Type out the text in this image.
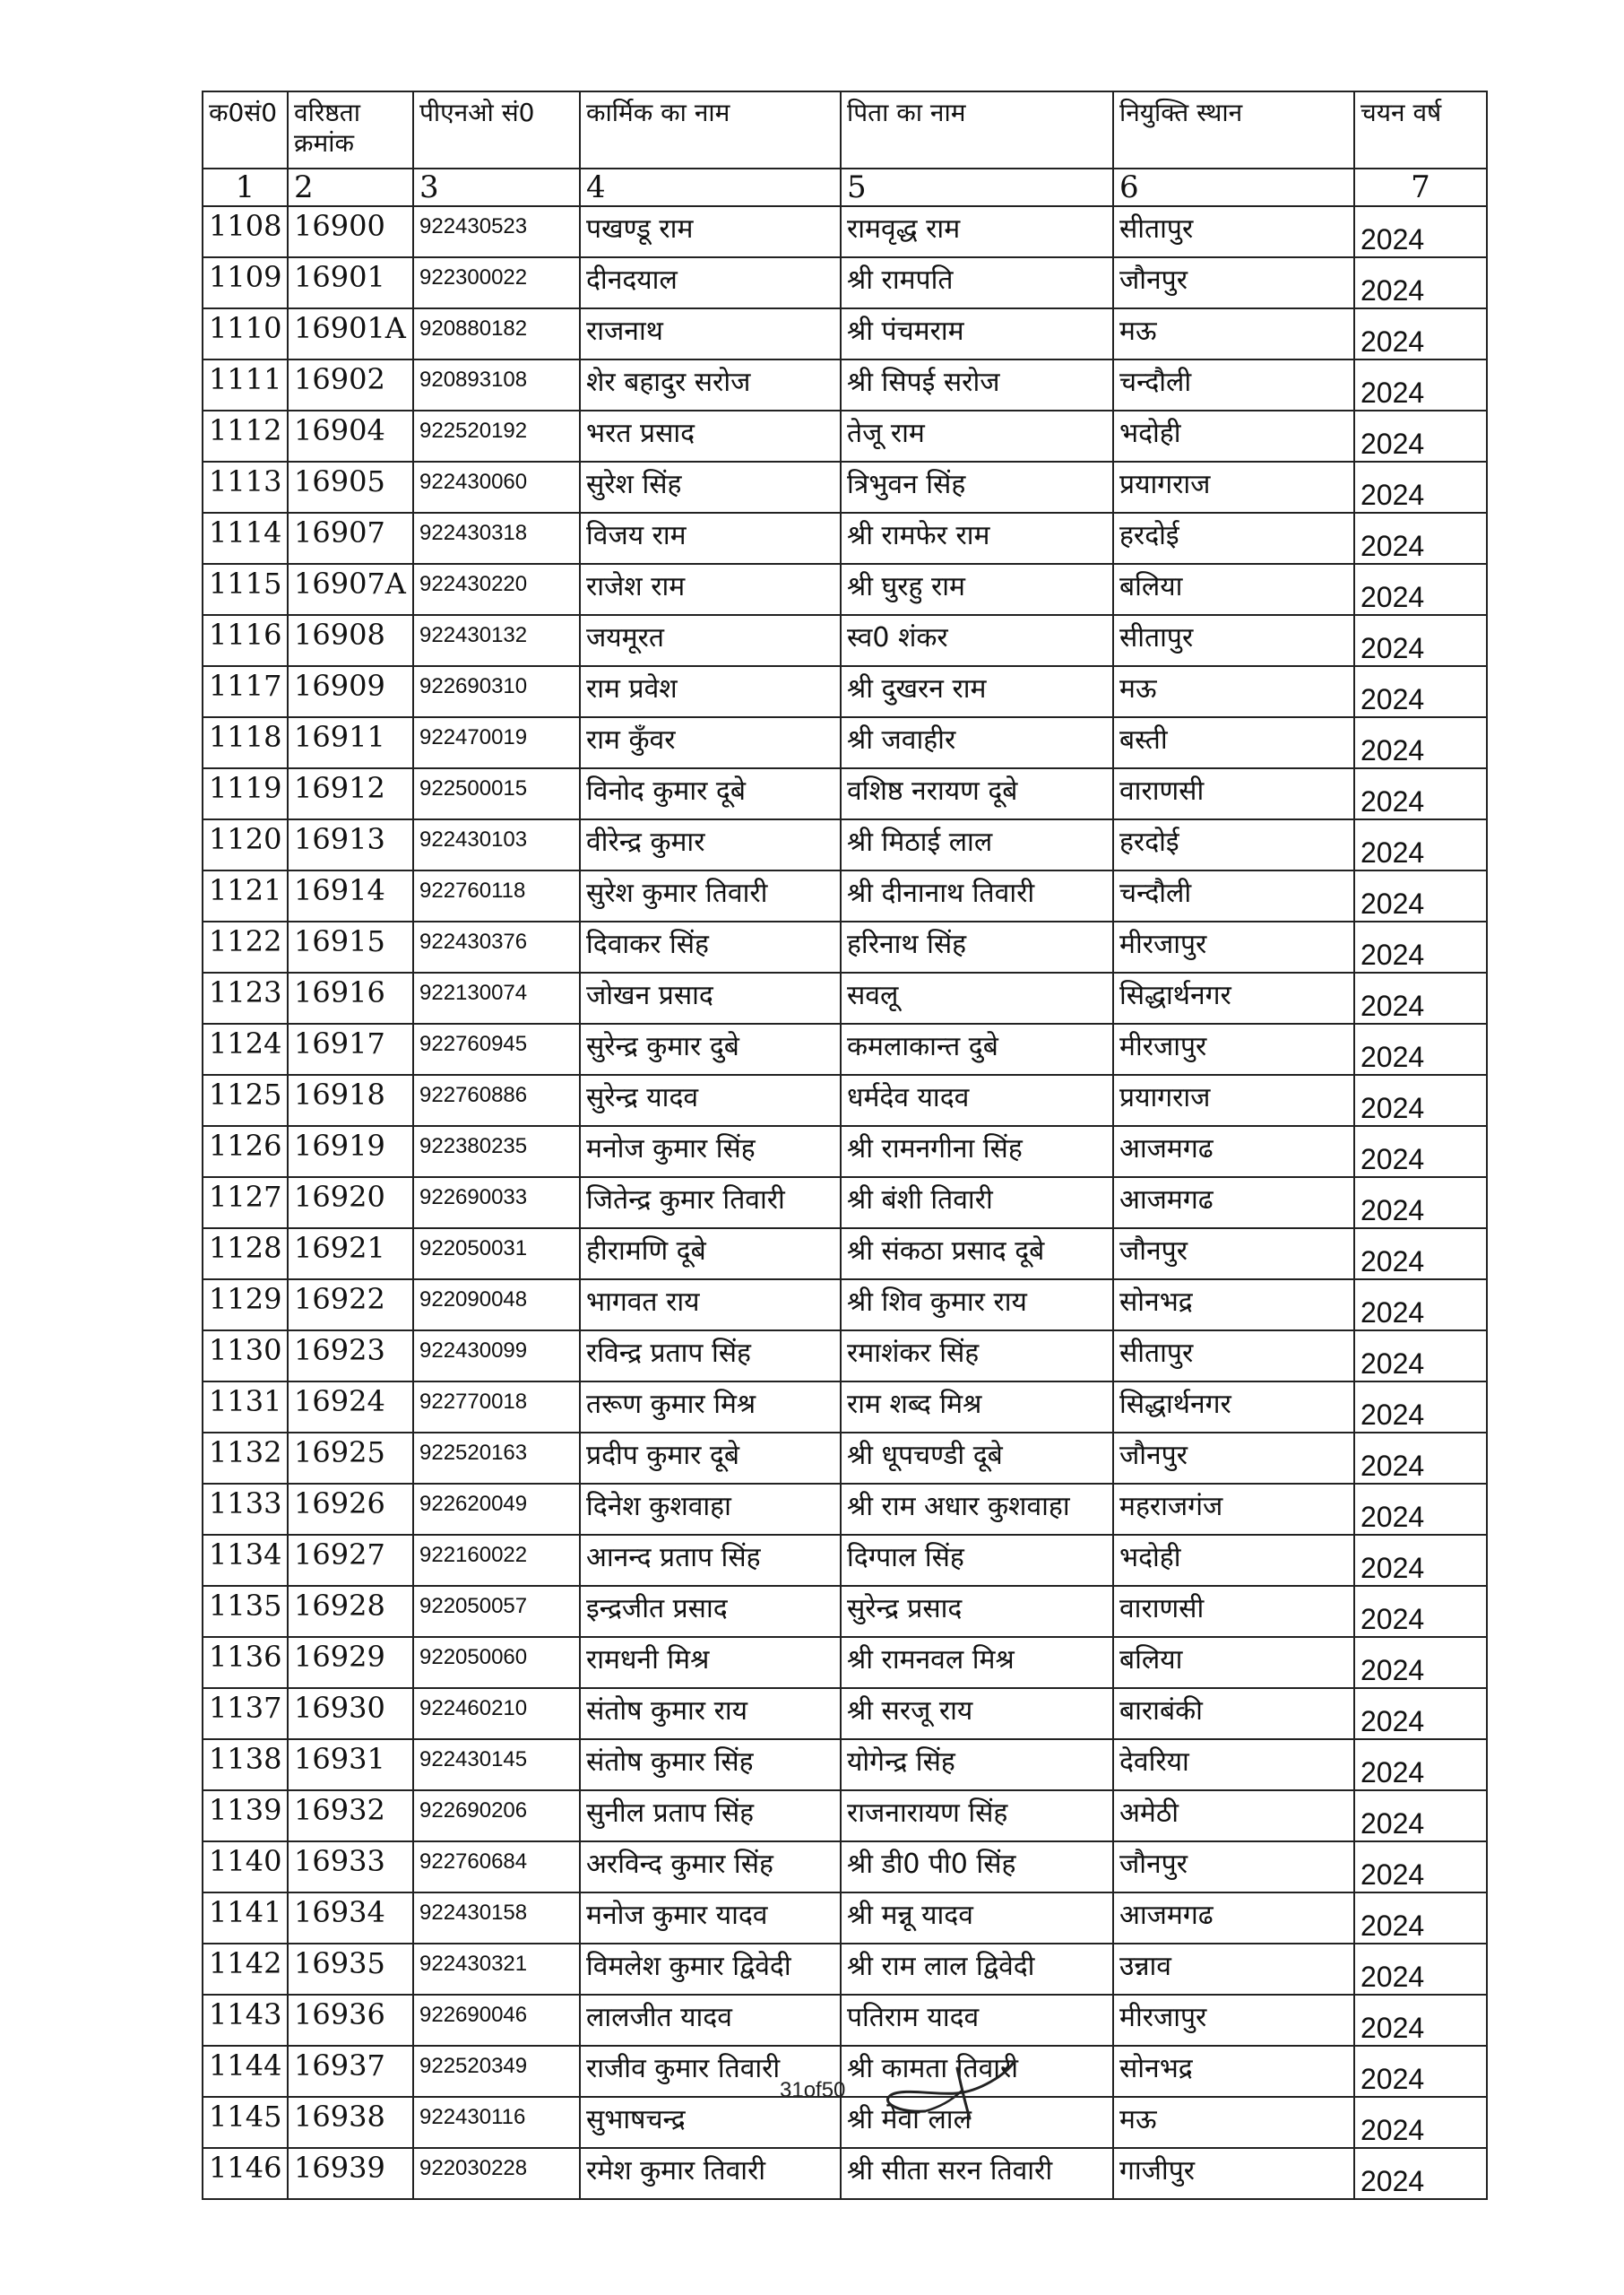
क0सं0	वरिष्ठता क्रमांक	पीएनओ सं0	कार्मिक का नाम	पिता का नाम	नियुक्ति स्थान	चयन वर्ष
1	2	3	4	5	6	7
1108	16900	922430523	पखण्डू राम	रामवृद्ध राम	सीतापुर	2024
1109	16901	922300022	दीनदयाल	श्री रामपति	जौनपुर	2024
1110	16901A	920880182	राजनाथ	श्री पंचमराम	मऊ	2024
1111	16902	920893108	शेर बहादुर सरोज	श्री सिपई सरोज	चन्दौली	2024
1112	16904	922520192	भरत प्रसाद	तेजू राम	भदोही	2024
1113	16905	922430060	सुरेश सिंह	त्रिभुवन सिंह	प्रयागराज	2024
1114	16907	922430318	विजय राम	श्री रामफेर राम	हरदोई	2024
1115	16907A	922430220	राजेश राम	श्री घुरहु राम	बलिया	2024
1116	16908	922430132	जयमूरत	स्व0 शंकर	सीतापुर	2024
1117	16909	922690310	राम प्रवेश	श्री दुखरन राम	मऊ	2024
1118	16911	922470019	राम कुँवर	श्री जवाहीर	बस्ती	2024
1119	16912	922500015	विनोद कुमार दूबे	वशिष्ठ नरायण दूबे	वाराणसी	2024
1120	16913	922430103	वीरेन्द्र कुमार	श्री मिठाई लाल	हरदोई	2024
1121	16914	922760118	सुरेश कुमार तिवारी	श्री दीनानाथ तिवारी	चन्दौली	2024
1122	16915	922430376	दिवाकर सिंह	हरिनाथ सिंह	मीरजापुर	2024
1123	16916	922130074	जोखन प्रसाद	सवलू	सिद्धार्थनगर	2024
1124	16917	922760945	सुरेन्द्र कुमार दुबे	कमलाकान्त दुबे	मीरजापुर	2024
1125	16918	922760886	सुरेन्द्र यादव	धर्मदेव यादव	प्रयागराज	2024
1126	16919	922380235	मनोज कुमार सिंह	श्री रामनगीना सिंह	आजमगढ	2024
1127	16920	922690033	जितेन्द्र कुमार तिवारी	श्री बंशी तिवारी	आजमगढ	2024
1128	16921	922050031	हीरामणि दूबे	श्री संकठा प्रसाद दूबे	जौनपुर	2024
1129	16922	922090048	भागवत राय	श्री शिव कुमार राय	सोनभद्र	2024
1130	16923	922430099	रविन्द्र प्रताप सिंह	रमाशंकर सिंह	सीतापुर	2024
1131	16924	922770018	तरूण कुमार मिश्र	राम शब्द मिश्र	सिद्धार्थनगर	2024
1132	16925	922520163	प्रदीप कुमार दूबे	श्री धूपचण्डी दूबे	जौनपुर	2024
1133	16926	922620049	दिनेश कुशवाहा	श्री राम अधार कुशवाहा	महराजगंज	2024
1134	16927	922160022	आनन्द प्रताप सिंह	दिग्पाल सिंह	भदोही	2024
1135	16928	922050057	इन्द्रजीत प्रसाद	सुरेन्द्र प्रसाद	वाराणसी	2024
1136	16929	922050060	रामधनी मिश्र	श्री रामनवल मिश्र	बलिया	2024
1137	16930	922460210	संतोष कुमार राय	श्री सरजू राय	बाराबंकी	2024
1138	16931	922430145	संतोष कुमार सिंह	योगेन्द्र सिंह	देवरिया	2024
1139	16932	922690206	सुनील प्रताप सिंह	राजनारायण सिंह	अमेठी	2024
1140	16933	922760684	अरविन्द कुमार सिंह	श्री डी0 पी0 सिंह	जौनपुर	2024
1141	16934	922430158	मनोज कुमार यादव	श्री मन्नू यादव	आजमगढ	2024
1142	16935	922430321	विमलेश कुमार द्विवेदी	श्री राम लाल द्विवेदी	उन्नाव	2024
1143	16936	922690046	लालजीत यादव	पतिराम यादव	मीरजापुर	2024
1144	16937	922520349	राजीव कुमार तिवारी	श्री कामता तिवारी	सोनभद्र	2024
1145	16938	922430116	सुभाषचन्द्र	श्री मेवा लाल	मऊ	2024
1146	16939	922030228	रमेश कुमार तिवारी	श्री सीता सरन तिवारी	गाजीपुर	2024
31of50
